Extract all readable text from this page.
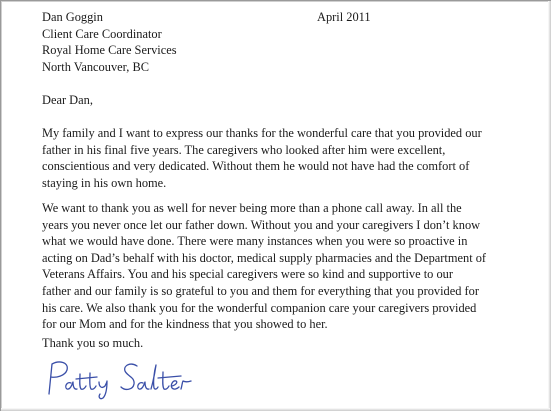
Dan Goggin
Client Care Coordinator
Royal Home Care Services
North Vancouver, BC
April 2011
Dear Dan,
My family and I want to express our thanks for the wonderful care that you provided our
father in his final five years. The caregivers who looked after him were excellent,
conscientious and very dedicated. Without them he would not have had the comfort of
staying in his own home.
We want to thank you as well for never being more than a phone call away. In all the
years you never once let our father down. Without you and your caregivers I don’t know
what we would have done. There were many instances when you were so proactive in
acting on Dad’s behalf with his doctor, medical supply pharmacies and the Department of
Veterans Affairs. You and his special caregivers were so kind and supportive to our
father and our family is so grateful to you and them for everything that you provided for
his care. We also thank you for the wonderful companion care your caregivers provided
for our Mom and for the kindness that you showed to her.
Thank you so much.
